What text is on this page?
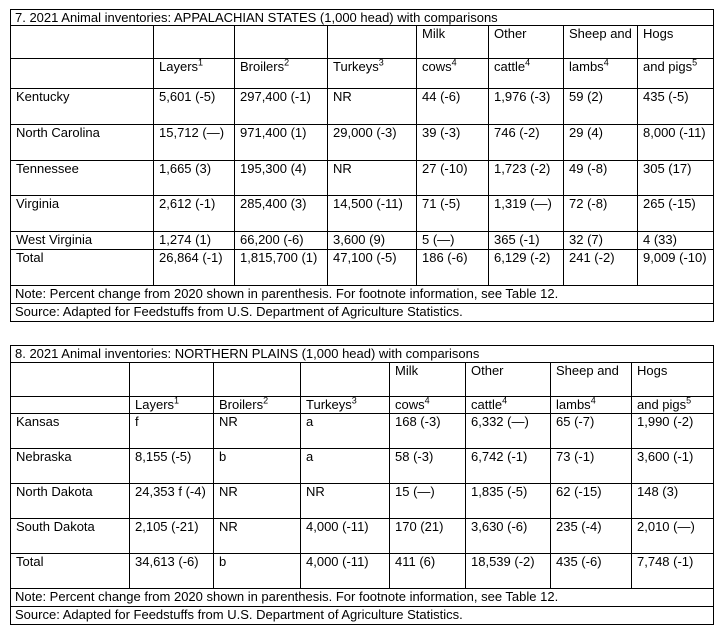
7. 2021 Animal inventories: APPALACHIAN STATES (1,000 head) with comparisons							
				Milk	Other	Sheep and	Hogs
	Layers$^1$	Broilers$^2$	Turkeys$^3$	cows$^4$	cattle$^4$	lambs$^4$	and pigs$^5$
Kentucky	5,601 (-5)	297,400 (-1)	NR	44 (-6)	1,976 (-3)	59 (2)	435 (-5)
North Carolina	15,712 (—)	971,400 (1)	29,000 (-3)	39 (-3)	746 (-2)	29 (4)	8,000 (-11)
Tennessee	1,665 (3)	195,300 (4)	NR	27 (-10)	1,723 (-2)	49 (-8)	305 (17)
Virginia	2,612 (-1)	285,400 (3)	14,500 (-11)	71 (-5)	1,319 (—)	72 (-8)	265 (-15)
West Virginia	1,274 (1)	66,200 (-6)	3,600 (9)	5 (—)	365 (-1)	32 (7)	4 (33)
Total	26,864 (-1)	1,815,700 (1)	47,100 (-5)	186 (-6)	6,129 (-2)	241 (-2)	9,009 (-10)
Note: Percent change from 2020 shown in parenthesis. For footnote information, see Table 12.							
Source: Adapted for Feedstuffs from U.S. Department of Agriculture Statistics.							
8. 2021 Animal inventories: NORTHERN PLAINS (1,000 head) with comparisons							
				Milk	Other	Sheep and	Hogs
	Layers$^1$	Broilers$^2$	Turkeys$^3$	cows$^4$	cattle$^4$	lambs$^4$	and pigs$^5$
Kansas	f	NR	a	168 (-3)	6,332 (—)	65 (-7)	1,990 (-2)
Nebraska	8,155 (-5)	b	a	58 (-3)	6,742 (-1)	73 (-1)	3,600 (-1)
North Dakota	24,353 f (-4)	NR	NR	15 (—)	1,835 (-5)	62 (-15)	148 (3)
South Dakota	2,105 (-21)	NR	4,000 (-11)	170 (21)	3,630 (-6)	235 (-4)	2,010 (—)
Total	34,613 (-6)	b	4,000 (-11)	411 (6)	18,539 (-2)	435 (-6)	7,748 (-1)
Note: Percent change from 2020 shown in parenthesis. For footnote information, see Table 12.							
Source: Adapted for Feedstuffs from U.S. Department of Agriculture Statistics.							
